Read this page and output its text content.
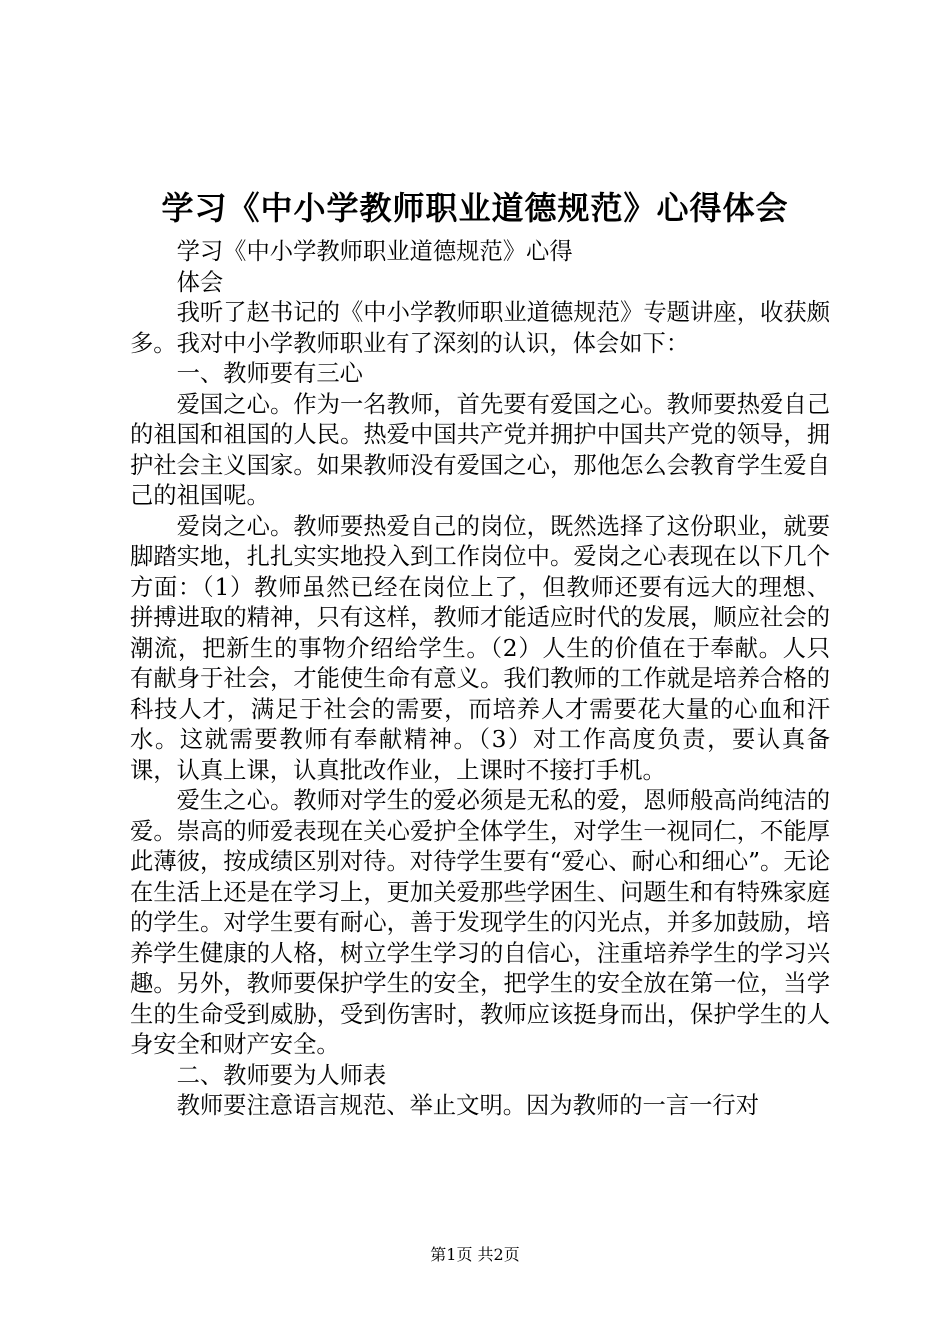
学习《中小学教师职业道德规范》心得体会

学习《中小学教师职业道德规范》心得

体会

我听了赵书记的《中小学教师职业道德规范》专题讲座，收获颇多。我对中小学教师职业有了深刻的认识，体会如下：

一、教师要有三心

爱国之心。作为一名教师，首先要有爱国之心。教师要热爱自己的祖国和祖国的人民。热爱中国共产党并拥护中国共产党的领导，拥护社会主义国家。如果教师没有爱国之心，那他怎么会教育学生爱自己的祖国呢。

爱岗之心。教师要热爱自己的岗位，既然选择了这份职业，就要脚踏实地，扎扎实实地投入到工作岗位中。爱岗之心表现在以下几个方面：（1）教师虽然已经在岗位上了，但教师还要有远大的理想、拼搏进取的精神，只有这样，教师才能适应时代的发展，顺应社会的潮流，把新生的事物介绍给学生。（2）人生的价值在于奉献。人只有献身于社会，才能使生命有意义。我们教师的工作就是培养合格的科技人才，满足于社会的需要，而培养人才需要花大量的心血和汗水。这就需要教师有奉献精神。（3）对工作高度负责，要认真备课，认真上课，认真批改作业，上课时不接打手机。

爱生之心。教师对学生的爱必须是无私的爱，恩师般高尚纯洁的爱。崇高的师爱表现在关心爱护全体学生，对学生一视同仁，不能厚此薄彼，按成绩区别对待。对待学生要有“爱心、耐心和细心”。无论在生活上还是在学习上，更加关爱那些学困生、问题生和有特殊家庭的学生。对学生要有耐心，善于发现学生的闪光点，并多加鼓励，培养学生健康的人格，树立学生学习的自信心，注重培养学生的学习兴趣。另外，教师要保护学生的安全，把学生的安全放在第一位，当学生的生命受到威胁，受到伤害时，教师应该挺身而出，保护学生的人身安全和财产安全。

二、教师要为人师表

教师要注意语言规范、举止文明。因为教师的一言一行对

第1页 共2页
